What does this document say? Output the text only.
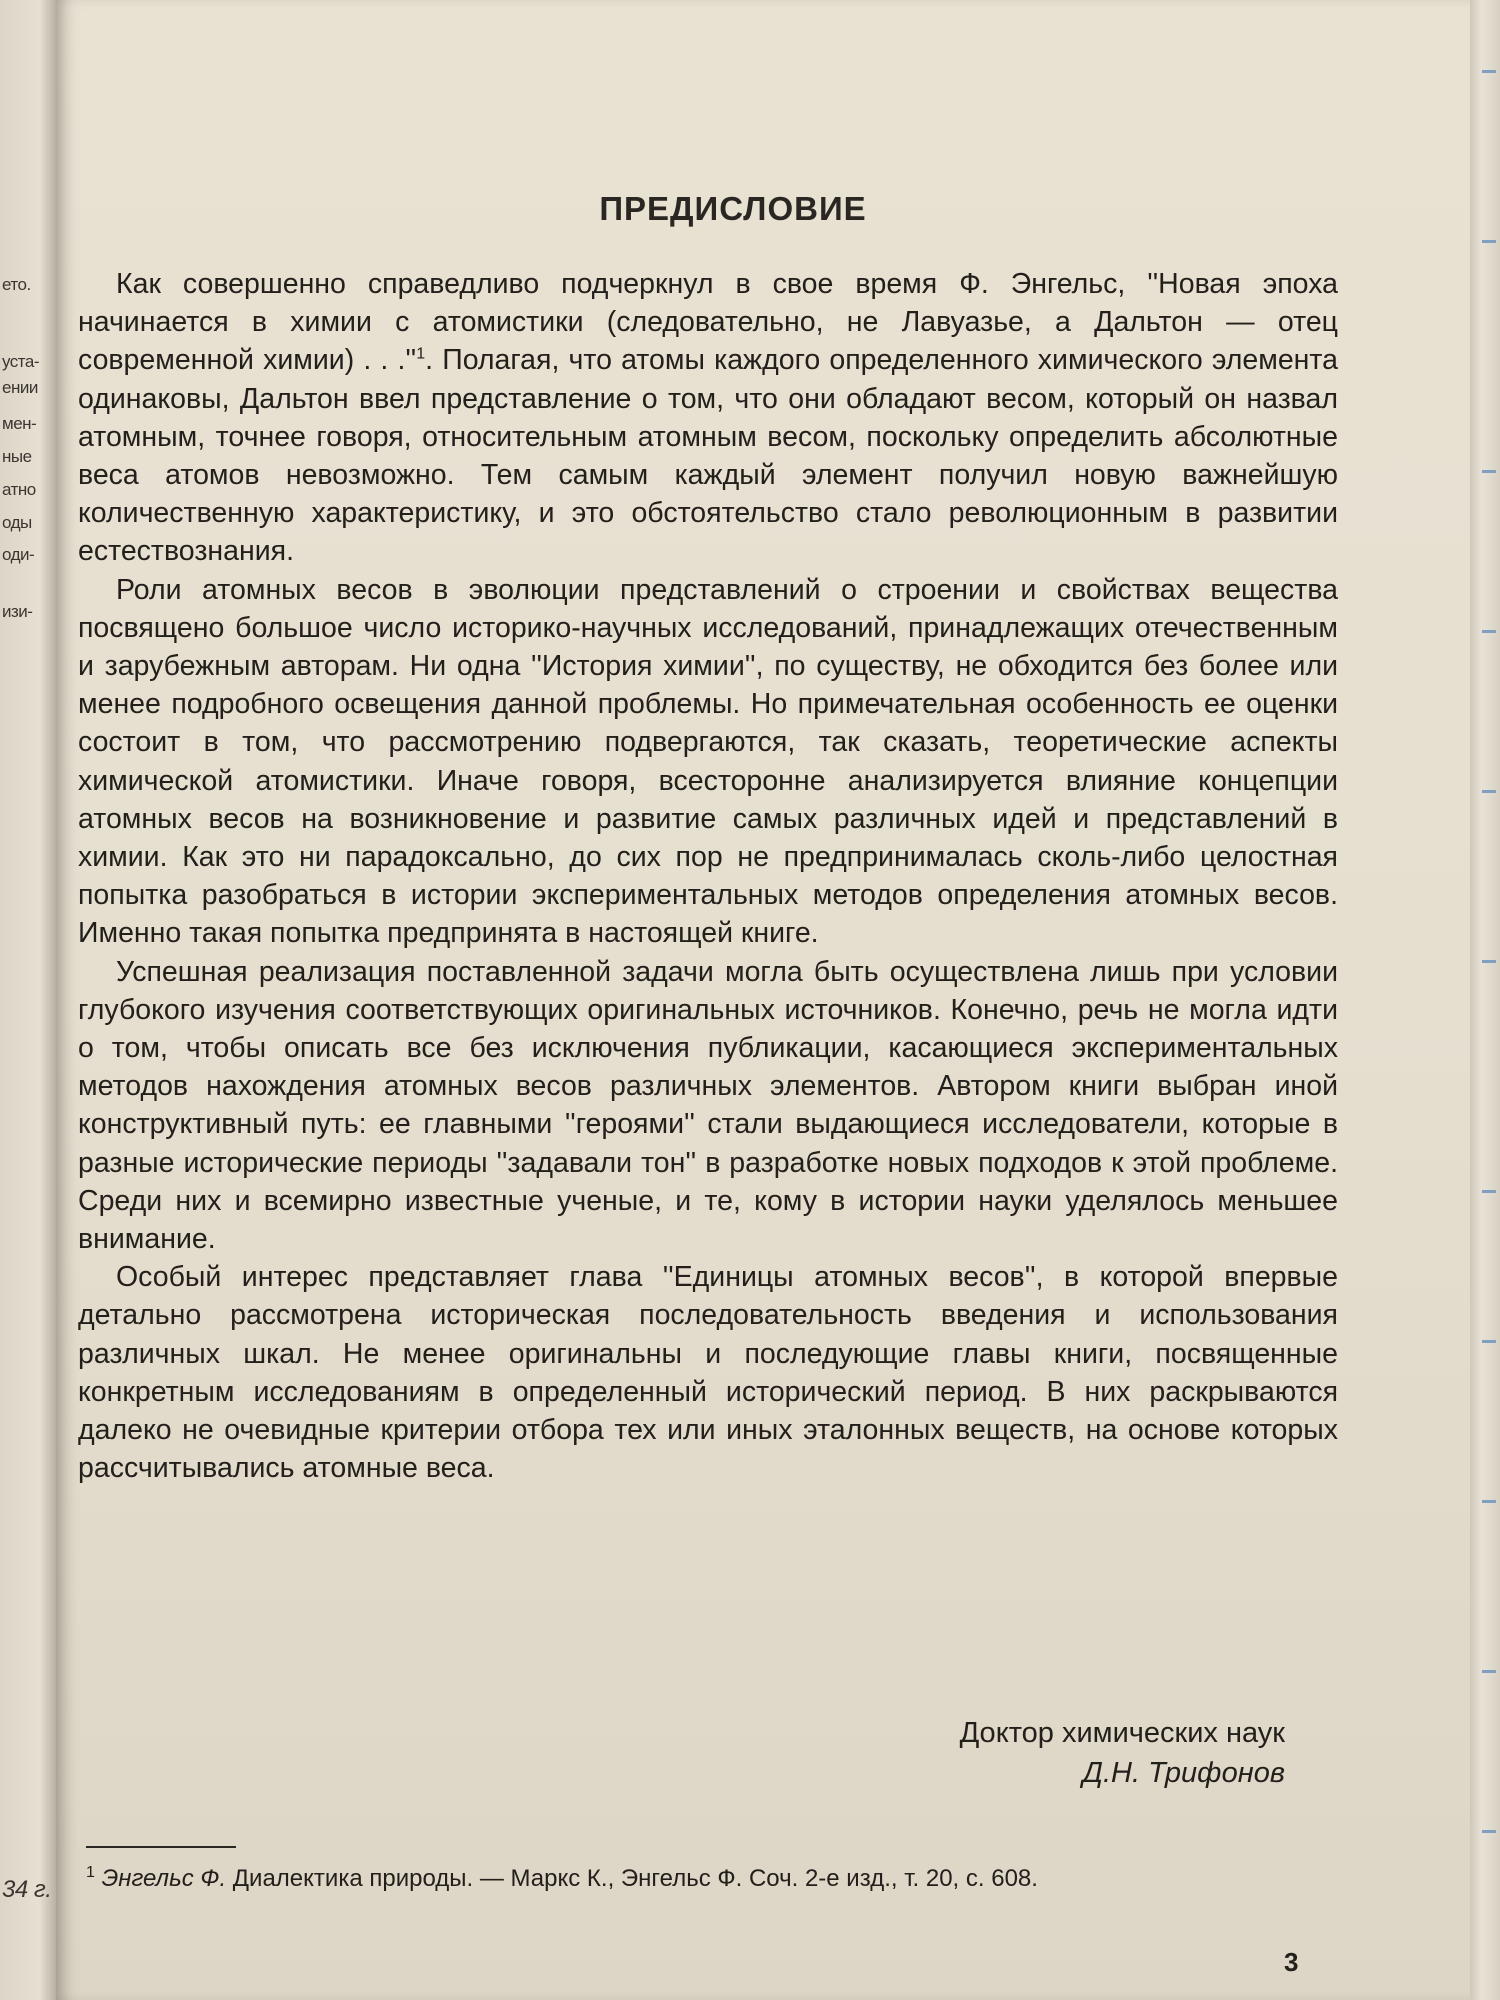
ето.
уста-
ении
мен-
ные
атно
оды
оди-
изи-
34 г.
ПРЕДИСЛОВИЕ

Как совершенно справедливо подчеркнул в свое время Ф. Энгельс, ''Новая эпоха начинается в химии с атомистики (следовательно, не Лавуазье, а Дальтон — отец современной химии) . . $.''^1$. Полагая, что атомы каждого определенного химического элемента одинаковы, Дальтон ввел представление о том, что они обладают весом, который он назвал атомным, точнее говоря, относительным атомным весом, поскольку определить абсолютные веса атомов невозможно. Тем самым каждый элемент получил новую важнейшую количественную характеристику, и это обстоятельство стало революционным в развитии естествознания.

Роли атомных весов в эволюции представлений о строении и свойствах вещества посвящено большое число историко-научных исследований, принадлежащих отечественным и зарубежным авторам. Ни одна ''История химии'', по существу, не обходится без более или менее подробного освещения данной проблемы. Но примечательная особенность ее оценки состоит в том, что рассмотрению подвергаются, так сказать, теоретические аспекты химической атомистики. Иначе говоря, всесторонне анализируется влияние концепции атомных весов на возникновение и развитие самых различных идей и представлений в химии. Как это ни парадоксально, до сих пор не предпринималась сколь-либо целостная попытка разобраться в истории экспериментальных методов определения атомных весов. Именно такая попытка предпринята в настоящей книге.

Успешная реализация поставленной задачи могла быть осуществлена лишь при условии глубокого изучения соответствующих оригинальных источников. Конечно, речь не могла идти о том, чтобы описать все без исключения публикации, касающиеся экспериментальных методов нахождения атомных весов различных элементов. Автором книги выбран иной конструктивный путь: ее главными ''героями'' стали выдающиеся исследователи, которые в разные исторические периоды ''задавали тон'' в разработке новых подходов к этой проблеме. Среди них и всемирно известные ученые, и те, кому в истории науки уделялось меньшее внимание.

Особый интерес представляет глава ''Единицы атомных весов'', в которой впервые детально рассмотрена историческая последовательность введения и использования различных шкал. Не менее оригинальны и последующие главы книги, посвященные конкретным исследованиям в определенный исторический период. В них раскрываются далеко не очевидные критерии отбора тех или иных эталонных веществ, на основе которых рассчитывались атомные веса.

Доктор химических наук
Д.Н. Трифонов
$^1$ Энгельс Ф. Диалектика природы. — Маркс К., Энгельс Ф. Соч. 2-е изд., т. 20, с. 608.
3
